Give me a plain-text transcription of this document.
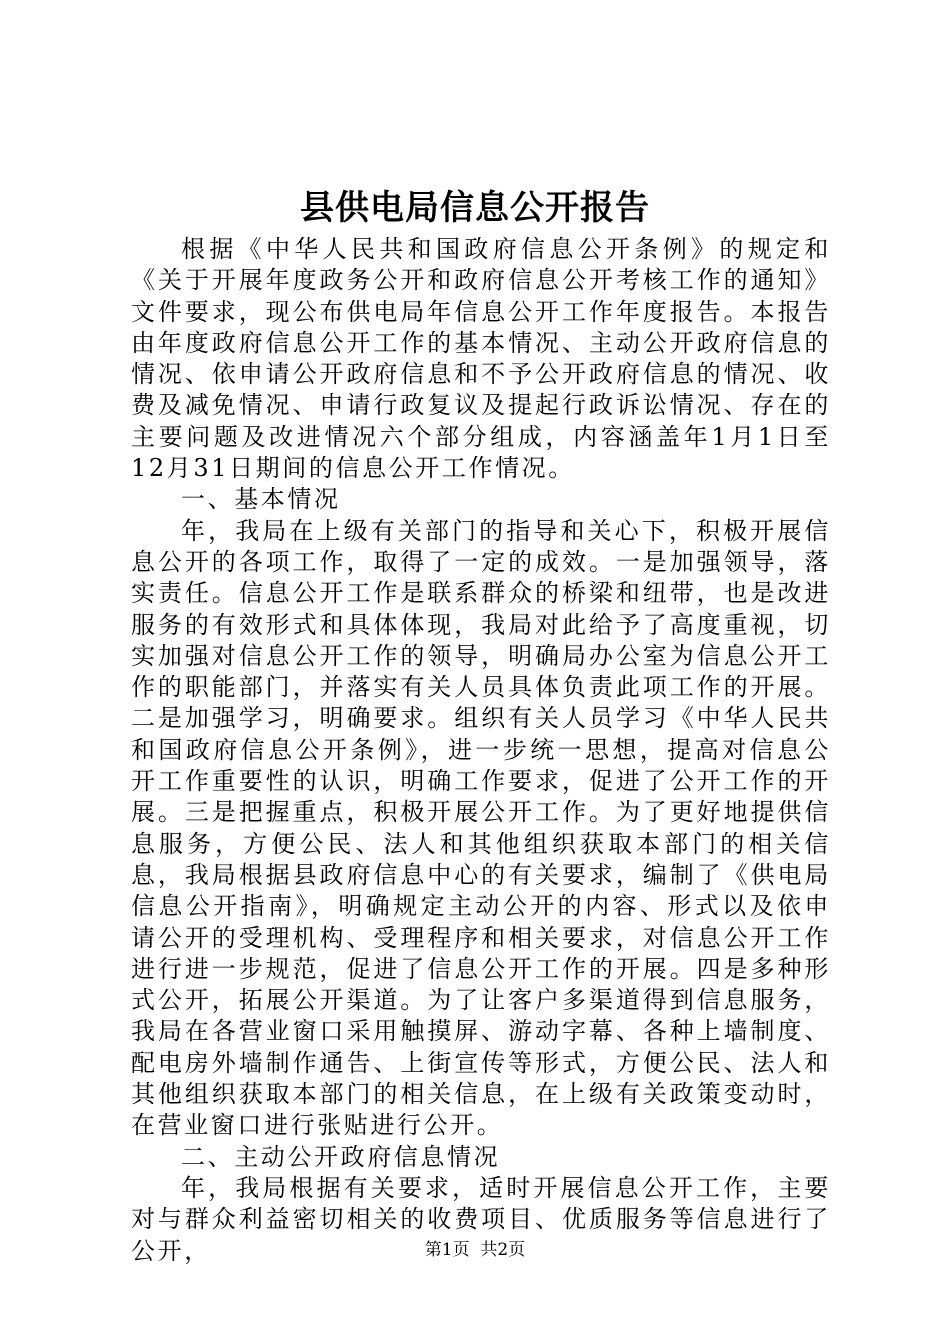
县供电局信息公开报告

根据《中华人民共和国政府信息公开条例》的规定和《关于开展年度政务公开和政府信息公开考核工作的通知》文件要求，现公布供电局年信息公开工作年度报告。本报告由年度政府信息公开工作的基本情况、主动公开政府信息的情况、依申请公开政府信息和不予公开政府信息的情况、收费及减免情况、申请行政复议及提起行政诉讼情况、存在的主要问题及改进情况六个部分组成，内容涵盖年1月1日至12月31日期间的信息公开工作情况。

一、基本情况

年，我局在上级有关部门的指导和关心下，积极开展信息公开的各项工作，取得了一定的成效。一是加强领导，落实责任。信息公开工作是联系群众的桥梁和纽带，也是改进服务的有效形式和具体体现，我局对此给予了高度重视，切实加强对信息公开工作的领导，明确局办公室为信息公开工作的职能部门，并落实有关人员具体负责此项工作的开展。二是加强学习，明确要求。组织有关人员学习《中华人民共和国政府信息公开条例》，进一步统一思想，提高对信息公开工作重要性的认识，明确工作要求，促进了公开工作的开展。三是把握重点，积极开展公开工作。为了更好地提供信息服务，方便公民、法人和其他组织获取本部门的相关信息，我局根据县政府信息中心的有关要求，编制了《供电局信息公开指南》，明确规定主动公开的内容、形式以及依申请公开的受理机构、受理程序和相关要求，对信息公开工作进行进一步规范，促进了信息公开工作的开展。四是多种形式公开，拓展公开渠道。为了让客户多渠道得到信息服务，我局在各营业窗口采用触摸屏、游动字幕、各种上墙制度、配电房外墙制作通告、上街宣传等形式，方便公民、法人和其他组织获取本部门的相关信息，在上级有关政策变动时，在营业窗口进行张贴进行公开。

二、主动公开政府信息情况

年，我局根据有关要求，适时开展信息公开工作，主要对与群众利益密切相关的收费项目、优质服务等信息进行了公开，	第1页 共2页
